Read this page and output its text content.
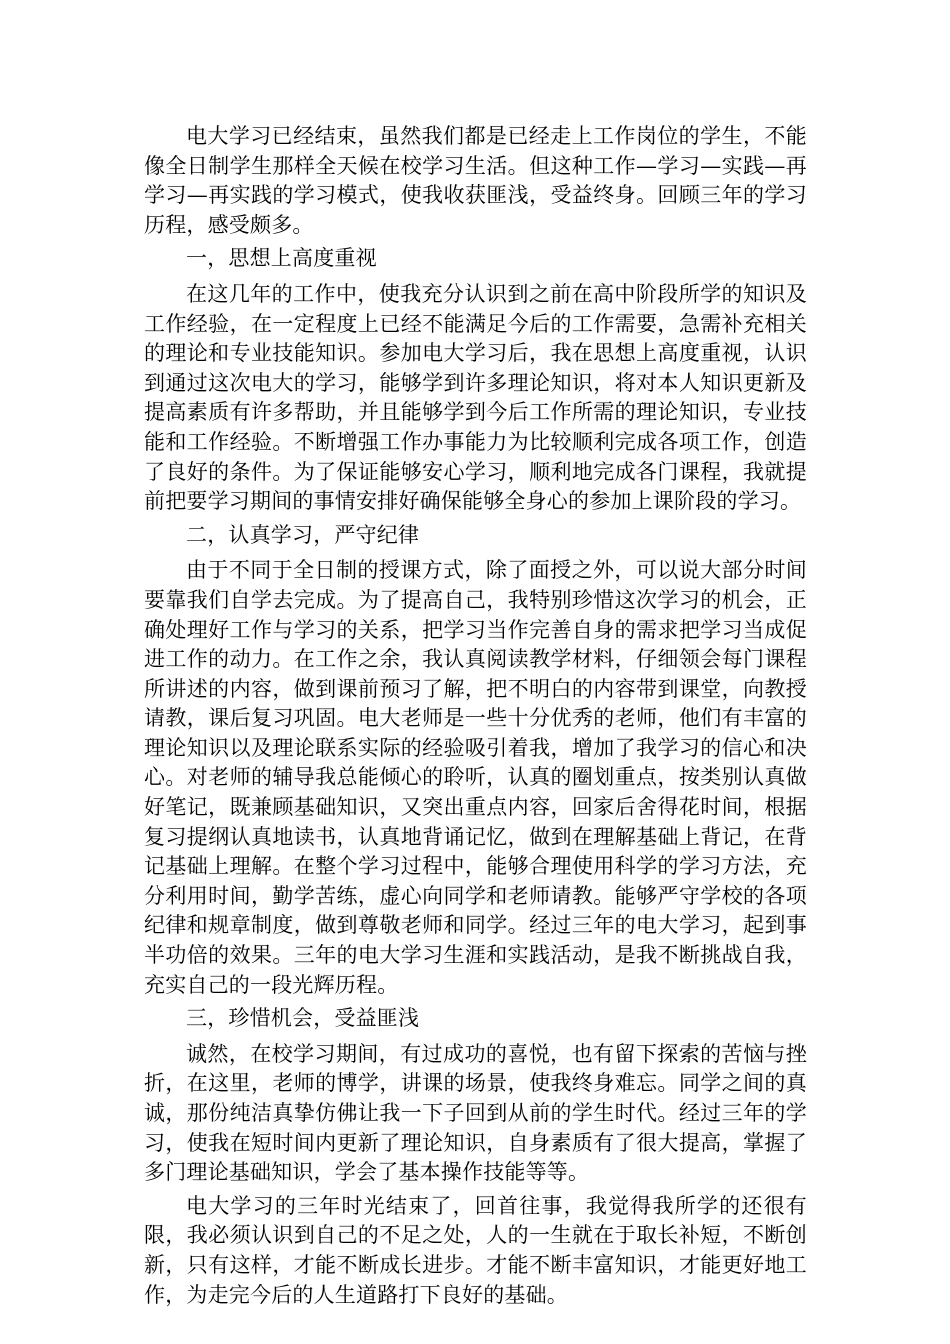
电大学习已经结束，虽然我们都是已经走上工作岗位的学生，不能像全日制学生那样全天候在校学习生活。但这种工作—学习—实践—再学习—再实践的学习模式，使我收获匪浅，受益终身。回顾三年的学习历程，感受颇多。

一，思想上高度重视

在这几年的工作中，使我充分认识到之前在高中阶段所学的知识及工作经验，在一定程度上已经不能满足今后的工作需要，急需补充相关的理论和专业技能知识。参加电大学习后，我在思想上高度重视，认识到通过这次电大的学习，能够学到许多理论知识，将对本人知识更新及提高素质有许多帮助，并且能够学到今后工作所需的理论知识，专业技能和工作经验。不断增强工作办事能力为比较顺利完成各项工作，创造了良好的条件。为了保证能够安心学习，顺利地完成各门课程，我就提前把要学习期间的事情安排好确保能够全身心的参加上课阶段的学习。

二，认真学习，严守纪律

由于不同于全日制的授课方式，除了面授之外，可以说大部分时间要靠我们自学去完成。为了提高自己，我特别珍惜这次学习的机会，正确处理好工作与学习的关系，把学习当作完善自身的需求把学习当成促进工作的动力。在工作之余，我认真阅读教学材料，仔细领会每门课程所讲述的内容，做到课前预习了解，把不明白的内容带到课堂，向教授请教，课后复习巩固。电大老师是一些十分优秀的老师，他们有丰富的理论知识以及理论联系实际的经验吸引着我，增加了我学习的信心和决心。对老师的辅导我总能倾心的聆听，认真的圈划重点，按类别认真做好笔记，既兼顾基础知识，又突出重点内容，回家后舍得花时间，根据复习提纲认真地读书，认真地背诵记忆，做到在理解基础上背记，在背记基础上理解。在整个学习过程中，能够合理使用科学的学习方法，充分利用时间，勤学苦练，虚心向同学和老师请教。能够严守学校的各项纪律和规章制度，做到尊敬老师和同学。经过三年的电大学习，起到事半功倍的效果。三年的电大学习生涯和实践活动，是我不断挑战自我，充实自己的一段光辉历程。

三，珍惜机会，受益匪浅

诚然，在校学习期间，有过成功的喜悦，也有留下探索的苦恼与挫折，在这里，老师的博学，讲课的场景，使我终身难忘。同学之间的真诚，那份纯洁真挚仿佛让我一下子回到从前的学生时代。经过三年的学习，使我在短时间内更新了理论知识，自身素质有了很大提高，掌握了多门理论基础知识，学会了基本操作技能等等。

电大学习的三年时光结束了，回首往事，我觉得我所学的还很有限，我必须认识到自己的不足之处，人的一生就在于取长补短，不断创新，只有这样，才能不断成长进步。才能不断丰富知识，才能更好地工作，为走完今后的人生道路打下良好的基础。
